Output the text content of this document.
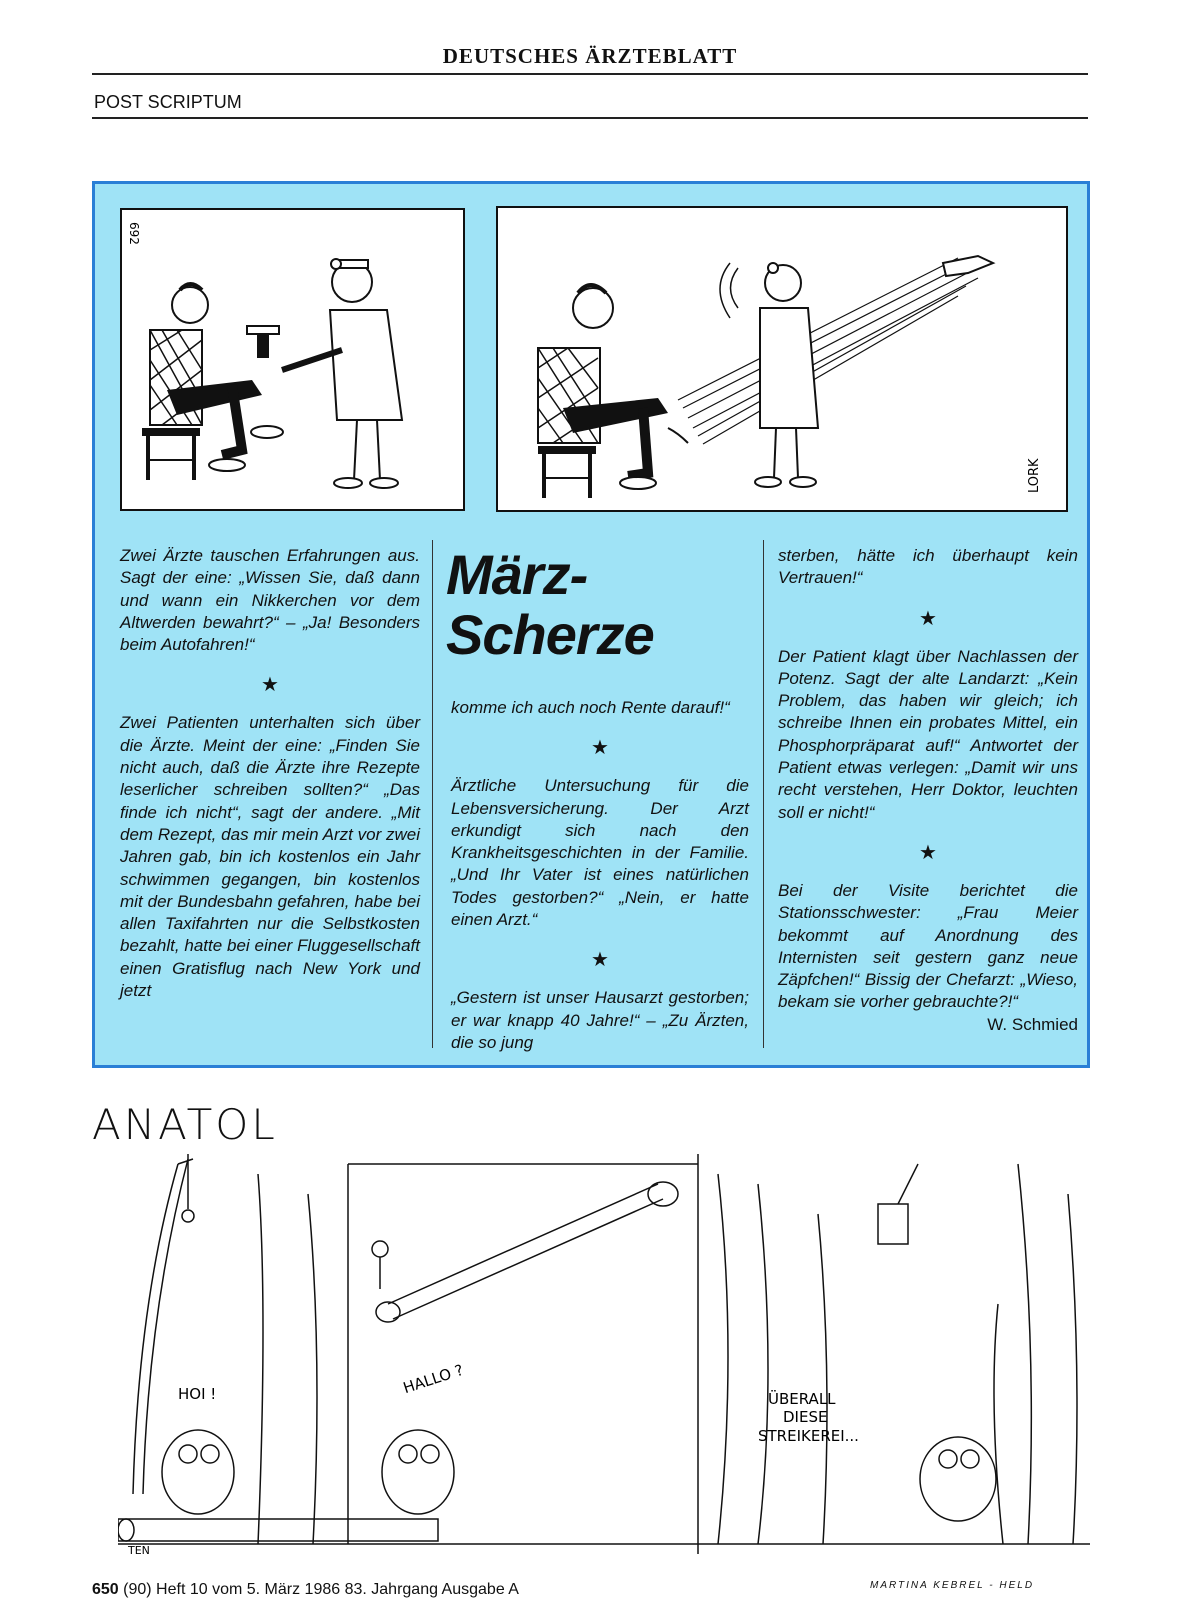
DEUTSCHES ÄRZTEBLATT
POST SCRIPTUM
692
LORK

Zwei Ärzte tauschen Erfahrungen aus. Sagt der eine: „Wissen Sie, daß dann und wann ein Nikkerchen vor dem Altwerden bewahrt?“ – „Ja! Besonders beim Autofahren!“

★

Zwei Patienten unterhalten sich über die Ärzte. Meint der eine: „Finden Sie nicht auch, daß die Ärzte ihre Rezepte leserlicher schreiben sollten?“ „Das finde ich nicht“, sagt der andere. „Mit dem Rezept, das mir mein Arzt vor zwei Jahren gab, bin ich kostenlos ein Jahr schwimmen gegangen, bin kostenlos mit der Bundesbahn gefahren, habe bei allen Taxifahrten nur die Selbstkosten bezahlt, hatte bei einer Fluggesellschaft einen Gratisflug nach New York und jetzt

März-
Scherze

komme ich auch noch Rente darauf!“

★

Ärztliche Untersuchung für die Lebensversicherung. Der Arzt erkundigt sich nach den Krankheitsgeschichten in der Familie. „Und Ihr Vater ist eines natürlichen Todes gestorben?“ „Nein, er hatte einen Arzt.“

★

„Gestern ist unser Hausarzt gestorben; er war knapp 40 Jahre!“ – „Zu Ärzten, die so jung

sterben, hätte ich überhaupt kein Vertrauen!“

★

Der Patient klagt über Nachlassen der Potenz. Sagt der alte Landarzt: „Kein Problem, das haben wir gleich; ich schreibe Ihnen ein probates Mittel, ein Phosphorpräparat auf!“ Antwortet der Patient etwas verlegen: „Damit wir uns recht verstehen, Herr Doktor, leuchten soll er nicht!“

★

Bei der Visite berichtet die Stationsschwester: „Frau Meier bekommt auf Anordnung des Internisten seit gestern ganz neue Zäpfchen!“ Bissig der Chefarzt: „Wieso, bekam sie vorher gebrauchte?!“

W. Schmied

ANATOL
HOI !	HALLO ?
ÜBERALL
DIESE
STREIKEREI...
TEN
MARTINA KEBREL - HELD
650 (90) Heft 10 vom 5. März 1986 83. Jahrgang Ausgabe A
